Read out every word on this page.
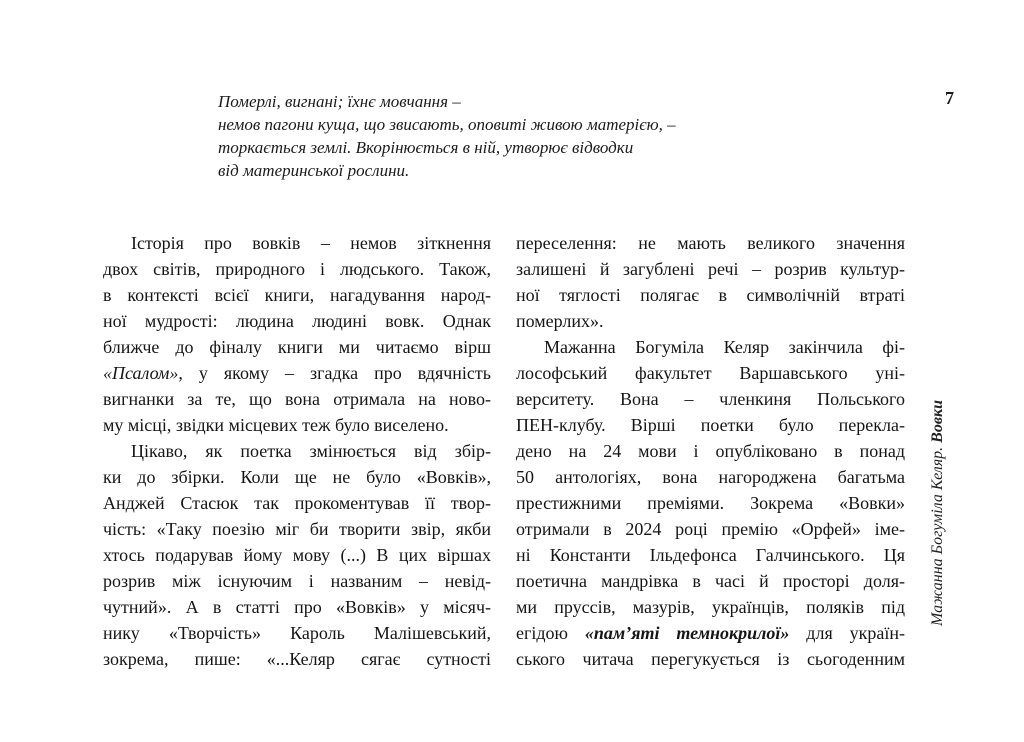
Померлі, вигнані; їхнє мовчання –
немов пагони куща, що звисають, оповиті живою матерією, –
торкається землі. Вкорінюється в ній, утворює відводки
від материнської рослини.
7
Історія про вовків – немов зіткнення
двох світів, природного і людського. Також,
в контексті всієї книги, нагадування народ-
ної мудрості: людина людині вовк. Однак
ближче до фіналу книги ми читаємо вірш
«Псалом», у якому – згадка про вдячність
вигнанки за те, що вона отримала на ново-
му місці, звідки місцевих теж було виселено.
Цікаво, як поетка змінюється від збір-
ки до збірки. Коли ще не було «Вовків»,
Анджей Стасюк так прокоментував її твор-
чість: «Таку поезію міг би творити звір, якби
хтось подарував йому мову (...) В цих віршах
розрив між існуючим і названим – невід-
чутний». А в статті про «Вовків» у місяч-
нику «Творчість» Кароль Малішевський,
зокрема, пише: «...Келяр сягає сутності
переселення: не мають великого значення
залишені й загублені речі – розрив культур-
ної тяглості полягає в символічній втраті
померлих».
Мажанна Богуміла Келяр закінчила фі-
лософський факультет Варшавського уні-
верситету. Вона – членкиня Польського
ПЕН-клубу. Вірші поетки було перекла-
дено на 24 мови і опубліковано в понад
50 антологіях, вона нагороджена багатьма
престижними преміями. Зокрема «Вовки»
отримали в 2024 році премію «Орфей» іме-
ні Константи Ільдефонса Галчинського. Ця
поетична мандрівка в часі й просторі доля-
ми пруссів, мазурів, українців, поляків під
егідою «пам’яті темнокрилої» для україн-
ського читача перегукується із сьогоденним
Мажанна Богуміла Келяр. Вовки
